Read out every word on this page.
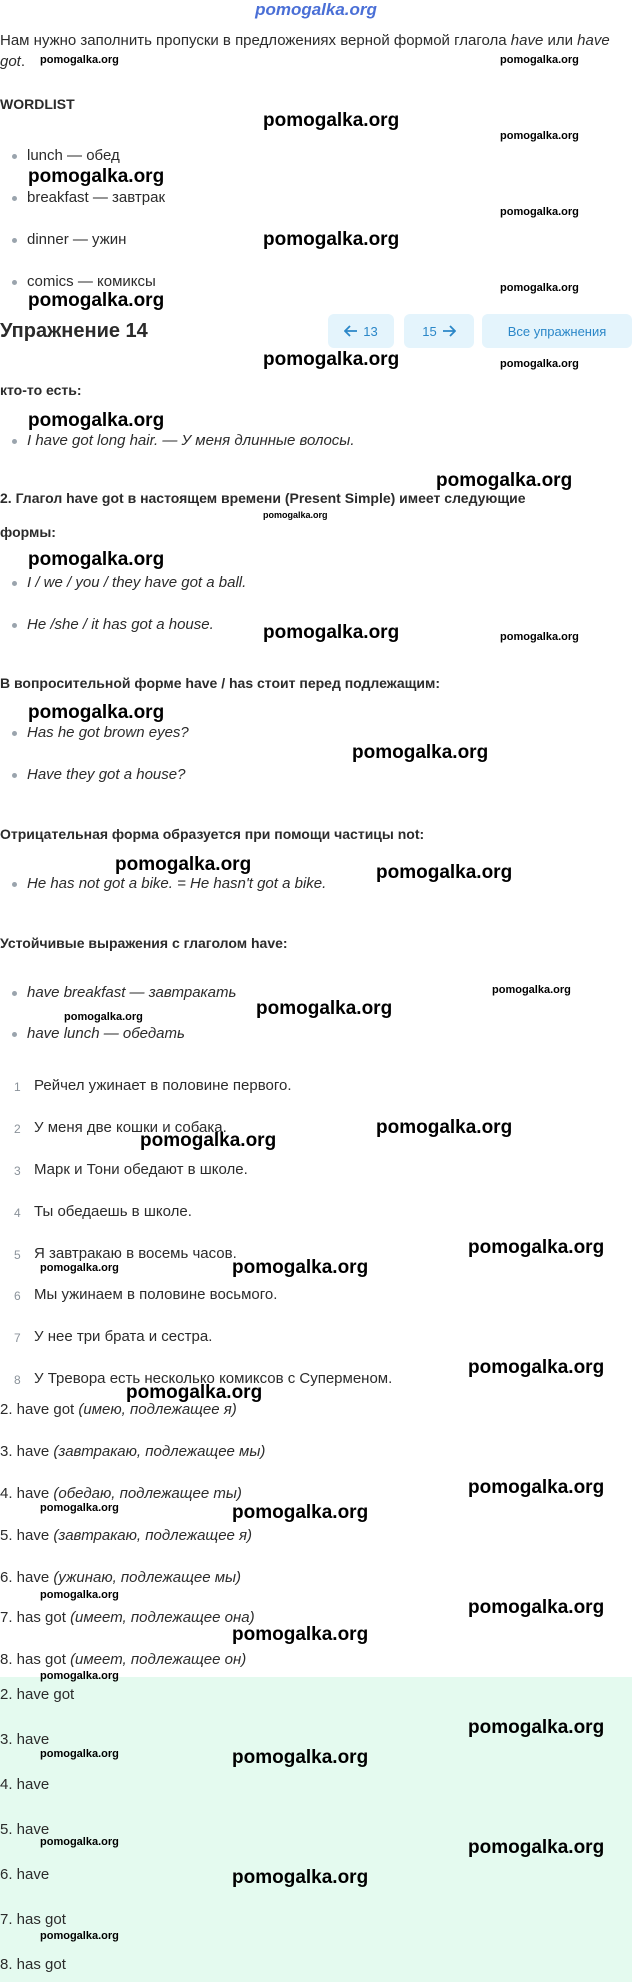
pomogalka.org
Нам нужно заполнить пропуски в предложениях верной формой глагола have или have got.
WORDLIST
lunch — обед
breakfast — завтрак
dinner — ужин
comics — комиксы
Упражнение 14	13	15	Все упражнения
кто-то есть:
I have got long hair. — У меня длинные волосы.
2. Глагол have got в настоящем времени (Present Simple) имеет следующие
формы:
I / we / you / they have got a ball.
He /she / it has got a house.
В вопросительной форме have / has стоит перед подлежащим:
Has he got brown eyes?
Have they got a house?
Отрицательная форма образуется при помощи частицы not:
He has not got a bike. = He hasn't got a bike.
Устойчивые выражения с глаголом have:
have breakfast — завтракать
have lunch — обедать
1 Рейчел ужинает в половине первого.
2 У меня две кошки и собака.
3 Марк и Тони обедают в школе.
4 Ты обедаешь в школе.
5 Я завтракаю в восемь часов.
6 Мы ужинаем в половине восьмого.
7 У нее три брата и сестра.
8 У Тревора есть несколько комиксов с Суперменом.
2. have got (имею, подлежащее я)
3. have (завтракаю, подлежащее мы)
4. have (обедаю, подлежащее ты)
5. have (завтракаю, подлежащее я)
6. have (ужинаю, подлежащее мы)
7. has got (имеет, подлежащее она)
8. has got (имеет, подлежащее он)
2. have got
3. have
4. have
5. have
6. have
7. has got
8. has got
pomogalka.org	pomogalka.org
pomogalka.org
pomogalka.org
pomogalka.org
pomogalka.org
pomogalka.org
pomogalka.org
pomogalka.org
pomogalka.org	pomogalka.org
pomogalka.org
pomogalka.org
pomogalka.org
pomogalka.org
pomogalka.org	pomogalka.org
pomogalka.org
pomogalka.org
pomogalka.org	pomogalka.org
pomogalka.org
pomogalka.org
pomogalka.org
pomogalka.org
pomogalka.org
pomogalka.org
pomogalka.org
pomogalka.org
pomogalka.org
pomogalka.org
pomogalka.org
pomogalka.org
pomogalka.org
pomogalka.org
pomogalka.org
pomogalka.org
pomogalka.org
pomogalka.org
pomogalka.org	pomogalka.org
pomogalka.org	pomogalka.org
pomogalka.org
pomogalka.org
